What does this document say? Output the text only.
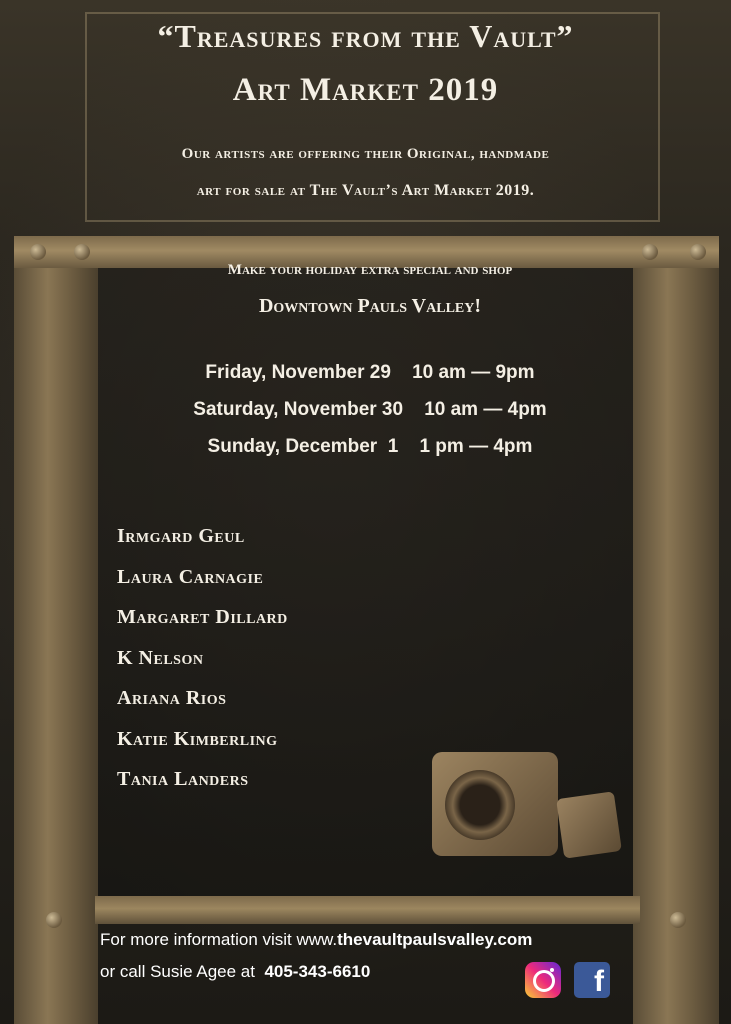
“Treasures from the Vault”
Art Market 2019
Our artists are offering their Original, handmade
art for sale at The Vault’s Art Market 2019.
Make your holiday extra special and shop
Downtown Pauls Valley!
Friday, November 29 10 am — 9pm
Saturday, November 30 10 am — 4pm
Sunday, December  1 1 pm — 4pm
Irmgard Geul
Laura Carnagie
Margaret Dillard
K Nelson
Ariana Rios
Katie Kimberling
Tania Landers
For more information visit www.thevaultpaulsvalley.com
or call Susie Agee at 405-343-6610	f
